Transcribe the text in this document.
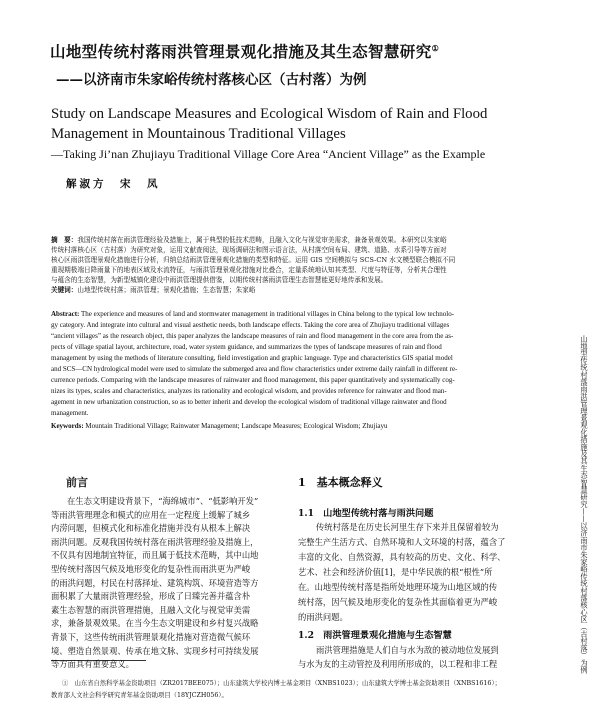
山地型传统村落雨洪管理景观化措施及其生态智慧研究①
——以济南市朱家峪传统村落核心区（古村落）为例
Study on Landscape Measures and Ecological Wisdom of Rain and Flood
Management in Mountainous Traditional Villages
—Taking Ji’nan Zhujiayu Traditional Village Core Area “Ancient Village” as the Example
解淑方　宋　凤
摘　要：我国传统村落在雨洪管理经验及措施上，属于典型的低技术范畴，且融入文化与视觉审美需求，兼备景观效果。本研究以朱家峪
传统村落核心区（古村落）为研究对象，运用文献查阅法，现场调研法和图示语言法，从村落空间布局、建筑、道路、水系引导等方面对
核心区雨洪管理景观化措施进行分析，归纳总结雨洪管理景观化措施的类型和特征。运用 GIS 空间模拟与 SCS-CN 水文模型联合模拟不同
重现期极端日降雨量下的地表区域及水流特征，与雨洪管理景观化措施对比叠合，定量系统地认知其类型、尺度与特征等，分析其合理性
与蕴含的生态智慧，为新型城镇化建设中雨洪管理提供借鉴，以期传统村落雨洪管理生态智慧能更好地传承和发展。
关键词：山地型传统村落；雨洪管理；景观化措施；生态智慧；朱家峪
Abstract: The experience and measures of land and stormwater management in traditional villages in China belong to the typical low technolo-
gy category. And integrate into cultural and visual aesthetic needs, both landscape effects. Taking the core area of Zhujiayu traditional villages
“ancient villages” as the research object, this paper analyzes the landscape measures of rain and flood management in the core area from the as-
pects of village spatial layout, architecture, road, water system guidance, and summarizes the types of landscape measures of rain and flood
management by using the methods of literature consulting, field investigation and graphic language. Type and characteristics GIS spatial model
and SCS—CN hydrological model were used to simulate the submerged area and flow characteristics under extreme daily rainfall in different re-
currence periods. Comparing with the landscape measures of rainwater and flood management, this paper quantitatively and systematically cog-
nizes its types, scales and characteristics, analyzes its rationality and ecological wisdom, and provides reference for rainwater and flood man-
agement in new urbanization construction, so as to better inherit and develop the ecological wisdom of traditional village rainwater and flood
management.
Keywords: Mountain Traditional Village; Rainwater Management; Landscape Measures; Ecological Wisdom; Zhujiayu	山地型传统村落雨洪管理景观化措施及其生态智慧研究——以济南市朱家峪传统村落核心区（古村落）为例
前言
在生态文明建设背景下，“海绵城市”、“低影响开发”
等雨洪管理理念和模式的应用在一定程度上缓解了城乡
内涝问题，但模式化和标准化措施并没有从根本上解决
雨洪问题。反观我国传统村落在雨洪管理经验及措施上，
不仅具有因地制宜特征，而且属于低技术范畴，其中山地
型传统村落因气候及地形变化的复杂性而雨洪更为严峻
的雨洪问题，村民在村落择址、建筑构筑、环境营造等方
面积累了大量雨洪管理经验，形成了日臻完善并蕴含朴
素生态智慧的雨洪管理措施，且融入文化与视觉审美需
求，兼备景观效果。在当今生态文明建设和乡村复兴战略
背景下，这些传统雨洪管理景观化措施对营造微气候环
1　基本概念释义
1.1　山地型传统村落与雨洪问题
传统村落是在历史长河里生存下来并且保留着较为
完整生产生活方式、自然环境和人文环境的村落，蕴含了
丰富的文化、自然资源，具有较高的历史、文化、科学、
艺术、社会和经济价值[1]，是中华民族的根“根性”所
在。山地型传统村落是指所处地理环境为山地区域的传
统村落，因气候及地形变化的复杂性其面临着更为严峻
的雨洪问题。
1.2　雨洪管理景观化措施与生态智慧
雨洪管理措施是人们自与水为敌的被动地位发展到
与水为友的主动管控及利用所形成的，以工程和非工程
境、塑造自然景观、传承在地文脉、实现乡村可持续发展
①　山东省自然科学基金资助项目（ZR2017BEE075）；山东建筑大学校内博士基金项目（XNBS1023）；山东建筑大学博士基金资助项目（XNBS1616）；
教育部人文社会科学研究青年基金资助项目（18YJCZH056）。
等方面具有重要意义。
